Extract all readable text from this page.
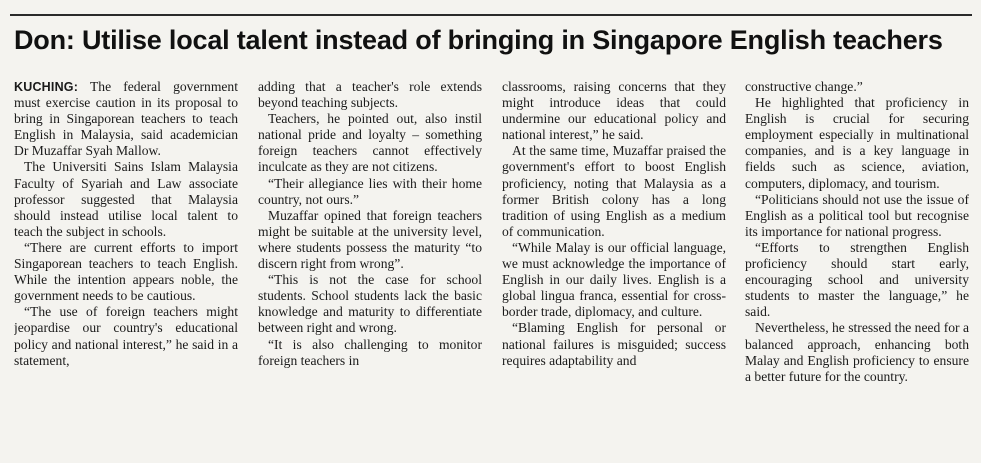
Don: Utilise local talent instead of bringing in Singapore English teachers

KUCHING: The federal government must exercise caution in its proposal to bring in Singaporean teachers to teach English in Malaysia, said academician Dr Muzaffar Syah Mallow.

The Universiti Sains Islam Malaysia Faculty of Syariah and Law associate professor suggested that Malaysia should instead utilise local talent to teach the subject in schools.

“There are current efforts to import Singaporean teachers to teach English. While the intention appears noble, the government needs to be cautious.

“The use of foreign teachers might jeopardise our country's educational policy and national interest,” he said in a statement,

adding that a teacher's role extends beyond teaching subjects.

Teachers, he pointed out, also instil national pride and loyalty – something foreign teachers cannot effectively inculcate as they are not citizens.

“Their allegiance lies with their home country, not ours.”

Muzaffar opined that foreign teachers might be suitable at the university level, where students possess the maturity “to discern right from wrong”.

“This is not the case for school students. School students lack the basic knowledge and maturity to differentiate between right and wrong.

“It is also challenging to monitor foreign teachers in

classrooms, raising concerns that they might introduce ideas that could undermine our educational policy and national interest,” he said.

At the same time, Muzaffar praised the government's effort to boost English proficiency, noting that Malaysia as a former British colony has a long tradition of using English as a medium of communication.

“While Malay is our official language, we must acknowledge the importance of English in our daily lives. English is a global lingua franca, essential for cross-border trade, diplomacy, and culture.

“Blaming English for personal or national failures is misguided; success requires adaptability and

constructive change.”

He highlighted that proficiency in English is crucial for securing employment especially in multinational companies, and is a key language in fields such as science, aviation, computers, diplomacy, and tourism.

“Politicians should not use the issue of English as a political tool but recognise its importance for national progress.

“Efforts to strengthen English proficiency should start early, encouraging school and university students to master the language,” he said.

Nevertheless, he stressed the need for a balanced approach, enhancing both Malay and English proficiency to ensure a better future for the country.
